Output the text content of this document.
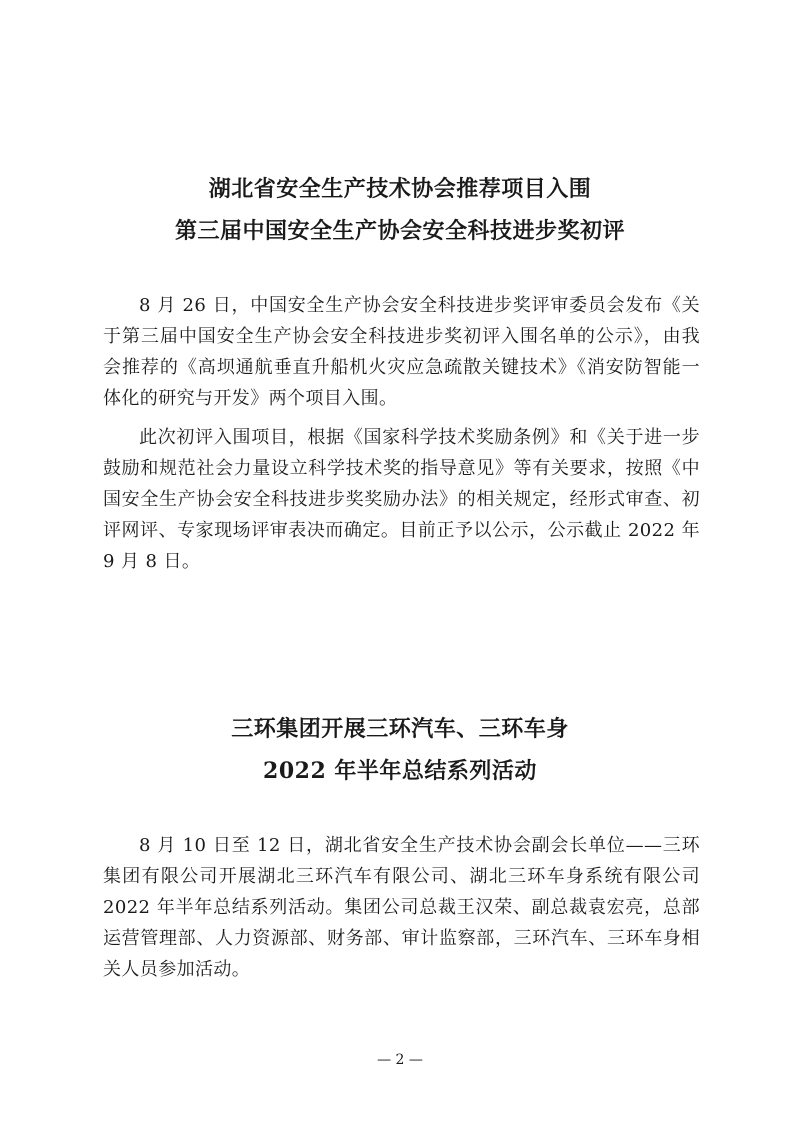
湖北省安全生产技术协会推荐项目入围
第三届中国安全生产协会安全科技进步奖初评

8 月 26 日，中国安全生产协会安全科技进步奖评审委员会发布《关于第三届中国安全生产协会安全科技进步奖初评入围名单的公示》，由我会推荐的《高坝通航垂直升船机火灾应急疏散关键技术》《消安防智能一体化的研究与开发》两个项目入围。

此次初评入围项目，根据《国家科学技术奖励条例》和《关于进一步鼓励和规范社会力量设立科学技术奖的指导意见》等有关要求，按照《中国安全生产协会安全科技进步奖奖励办法》的相关规定，经形式审查、初评网评、专家现场评审表决而确定。目前正予以公示，公示截止 2022 年 9 月 8 日。

三环集团开展三环汽车、三环车身
2022 年半年总结系列活动

8 月 10 日至 12 日，湖北省安全生产技术协会副会长单位——三环集团有限公司开展湖北三环汽车有限公司、湖北三环车身系统有限公司 2022 年半年总结系列活动。集团公司总裁王汉荣、副总裁袁宏亮，总部运营管理部、人力资源部、财务部、审计监察部，三环汽车、三环车身相关人员参加活动。

— 2 —
